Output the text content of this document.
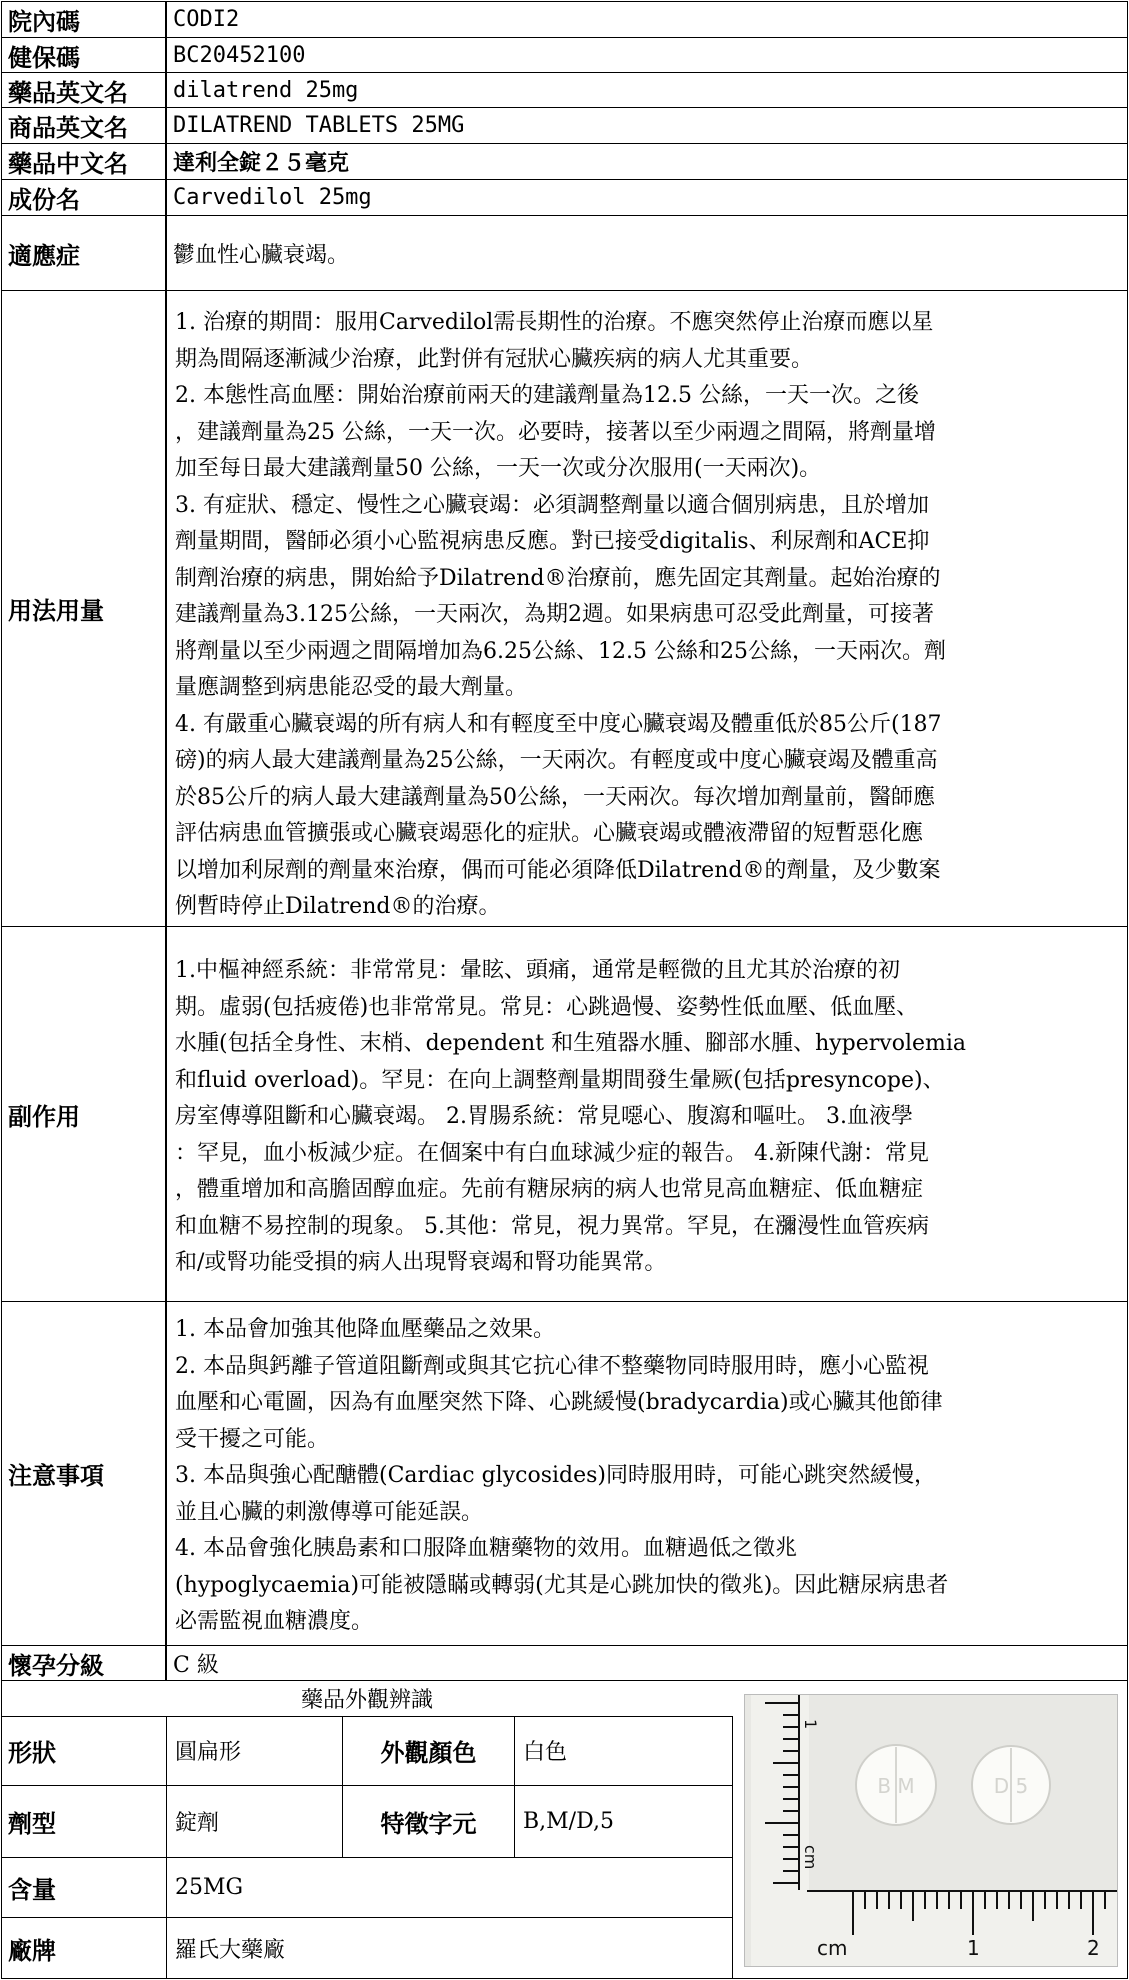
院內碼	CODI2
健保碼	BC20452100
藥品英文名	dilatrend 25mg
商品英文名	DILATREND TABLETS 25MG
藥品中文名	達利全錠２５毫克
成份名	Carvedilol 25mg
適應症	鬱血性心臟衰竭。
用法用量

1. 治療的期間：服用Carvedilol需長期性的治療。不應突然停止治療而應以星

期為間隔逐漸減少治療，此對併有冠狀心臟疾病的病人尤其重要。

2. 本態性高血壓：開始治療前兩天的建議劑量為12.5 公絲，一天一次。之後

，建議劑量為25 公絲，一天一次。必要時，接著以至少兩週之間隔，將劑量增

加至每日最大建議劑量50 公絲，一天一次或分次服用(一天兩次)。

3. 有症狀、穩定、慢性之心臟衰竭：必須調整劑量以適合個別病患，且於增加

劑量期間，醫師必須小心監視病患反應。對已接受digitalis、利尿劑和ACE抑

制劑治療的病患，開始給予Dilatrend®治療前，應先固定其劑量。起始治療的

建議劑量為3.125公絲，一天兩次，為期2週。如果病患可忍受此劑量，可接著

將劑量以至少兩週之間隔增加為6.25公絲、12.5 公絲和25公絲，一天兩次。劑

量應調整到病患能忍受的最大劑量。

4. 有嚴重心臟衰竭的所有病人和有輕度至中度心臟衰竭及體重低於85公斤(187

磅)的病人最大建議劑量為25公絲，一天兩次。有輕度或中度心臟衰竭及體重高

於85公斤的病人最大建議劑量為50公絲，一天兩次。每次增加劑量前，醫師應

評估病患血管擴張或心臟衰竭惡化的症狀。心臟衰竭或體液滯留的短暫惡化應

以增加利尿劑的劑量來治療，偶而可能必須降低Dilatrend®的劑量，及少數案

例暫時停止Dilatrend®的治療。

副作用

1.中樞神經系統：非常常見：暈眩、頭痛，通常是輕微的且尤其於治療的初

期。虛弱(包括疲倦)也非常常見。常見：心跳過慢、姿勢性低血壓、低血壓、

水腫(包括全身性、末梢、dependent 和生殖器水腫、腳部水腫、hypervolemia

和fluid overload)。罕見：在向上調整劑量期間發生暈厥(包括presyncope)、

房室傳導阻斷和心臟衰竭。 2.胃腸系統：常見噁心、腹瀉和嘔吐。 3.血液學

：罕見，血小板減少症。在個案中有白血球減少症的報告。 4.新陳代謝：常見

，體重增加和高膽固醇血症。先前有糖尿病的病人也常見高血糖症、低血糖症

和血糖不易控制的現象。 5.其他：常見，視力異常。罕見，在瀰漫性血管疾病

和/或腎功能受損的病人出現腎衰竭和腎功能異常。

注意事項

1. 本品會加強其他降血壓藥品之效果。

2. 本品與鈣離子管道阻斷劑或與其它抗心律不整藥物同時服用時，應小心監視

血壓和心電圖，因為有血壓突然下降、心跳緩慢(bradycardia)或心臟其他節律

受干擾之可能。

3. 本品與強心配醣體(Cardiac glycosides)同時服用時，可能心跳突然緩慢，

並且心臟的刺激傳導可能延誤。

4. 本品會強化胰島素和口服降血糖藥物的效用。血糖過低之徵兆

(hypoglycaemia)可能被隱瞞或轉弱(尤其是心跳加快的徵兆)。因此糖尿病患者

必需監視血糖濃度。

懷孕分級	C 級
藥品外觀辨識
形狀	圓扁形	外觀顏色	白色
劑型	錠劑	特徵字元	B,M/D,5
含量	25MG
廠牌	羅氏大藥廠
1
cm
B M	D 5
cm	1	2
